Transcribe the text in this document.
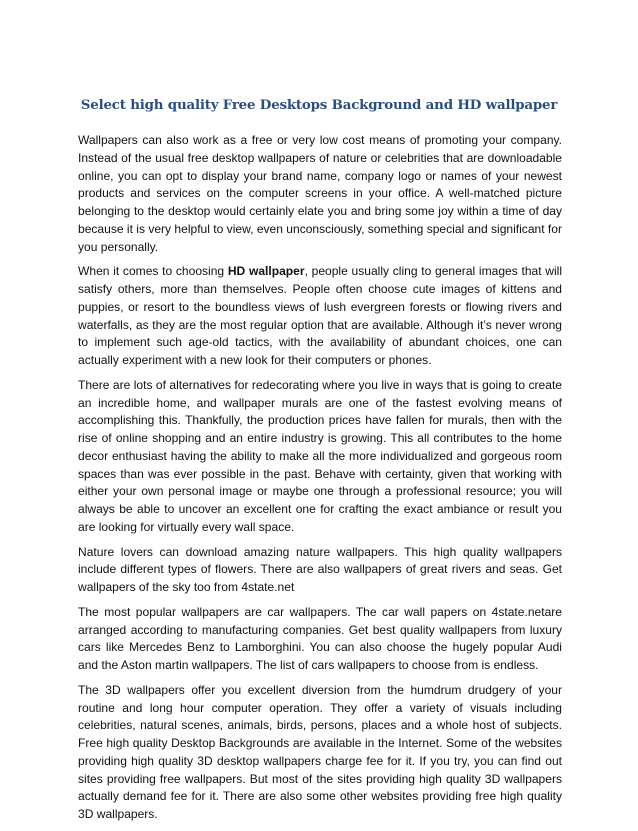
Select high quality Free Desktops Background and HD wallpaper

Wallpapers can also work as a free or very low cost means of promoting your company. Instead of the usual free desktop wallpapers of nature or celebrities that are downloadable online, you can opt to display your brand name, company logo or names of your newest products and services on the computer screens in your office. A well-matched picture belonging to the desktop would certainly elate you and bring some joy within a time of day because it is very helpful to view, even unconsciously, something special and significant for you personally.

When it comes to choosing HD wallpaper, people usually cling to general images that will satisfy others, more than themselves. People often choose cute images of kittens and puppies, or resort to the boundless views of lush evergreen forests or flowing rivers and waterfalls, as they are the most regular option that are available. Although it’s never wrong to implement such age-old tactics, with the availability of abundant choices, one can actually experiment with a new look for their computers or phones.

There are lots of alternatives for redecorating where you live in ways that is going to create an incredible home, and wallpaper murals are one of the fastest evolving means of accomplishing this. Thankfully, the production prices have fallen for murals, then with the rise of online shopping and an entire industry is growing. This all contributes to the home decor enthusiast having the ability to make all the more individualized and gorgeous room spaces than was ever possible in the past. Behave with certainty, given that working with either your own personal image or maybe one through a professional resource; you will always be able to uncover an excellent one for crafting the exact ambiance or result you are looking for virtually every wall space.

Nature lovers can download amazing nature wallpapers. This high quality wallpapers include different types of flowers. There are also wallpapers of great rivers and seas. Get wallpapers of the sky too from 4state.net

The most popular wallpapers are car wallpapers. The car wall papers on 4state.netare arranged according to manufacturing companies. Get best quality wallpapers from luxury cars like Mercedes Benz to Lamborghini. You can also choose the hugely popular Audi and the Aston martin wallpapers. The list of cars wallpapers to choose from is endless.

The 3D wallpapers offer you excellent diversion from the humdrum drudgery of your routine and long hour computer operation. They offer a variety of visuals including celebrities, natural scenes, animals, birds, persons, places and a whole host of subjects. Free high quality Desktop Backgrounds are available in the Internet. Some of the websites providing high quality 3D desktop wallpapers charge fee for it. If you try, you can find out sites providing free wallpapers. But most of the sites providing high quality 3D wallpapers actually demand fee for it. There are also some other websites providing free high quality 3D wallpapers.
